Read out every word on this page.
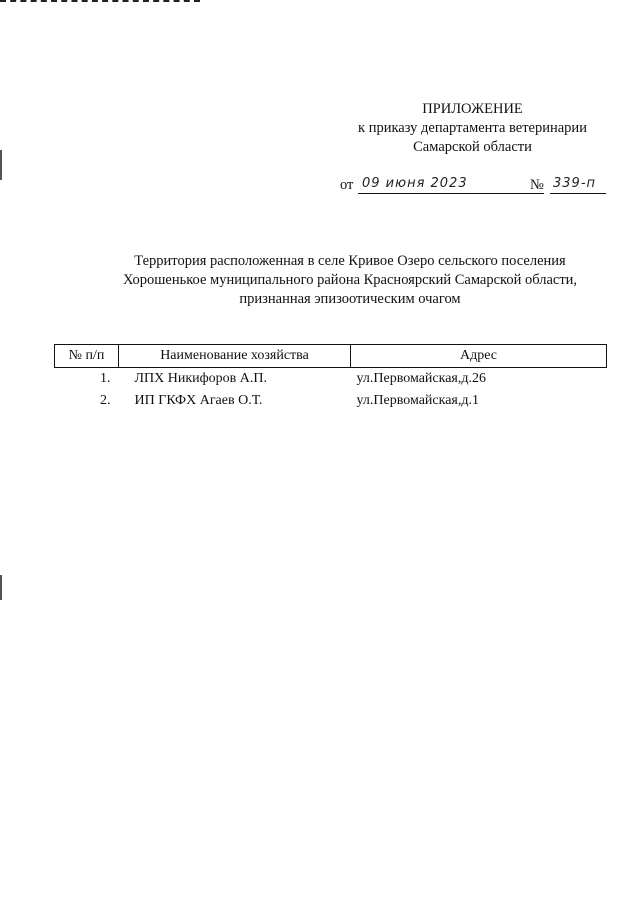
ПРИЛОЖЕНИЕ
к приказу департамента ветеринарии
Самарской области
от 09 июня 2023	№ 339-п
Территория расположенная в селе Кривое Озеро сельского поселения
Хорошенькое муниципального района Красноярский Самарской области,
признанная эпизоотическим очагом
№ п/п	Наименование хозяйства	Адрес
1.	ЛПХ Никифоров А.П.	ул.Первомайская,д.26
2.	ИП ГКФХ Агаев О.Т.	ул.Первомайская,д.1
